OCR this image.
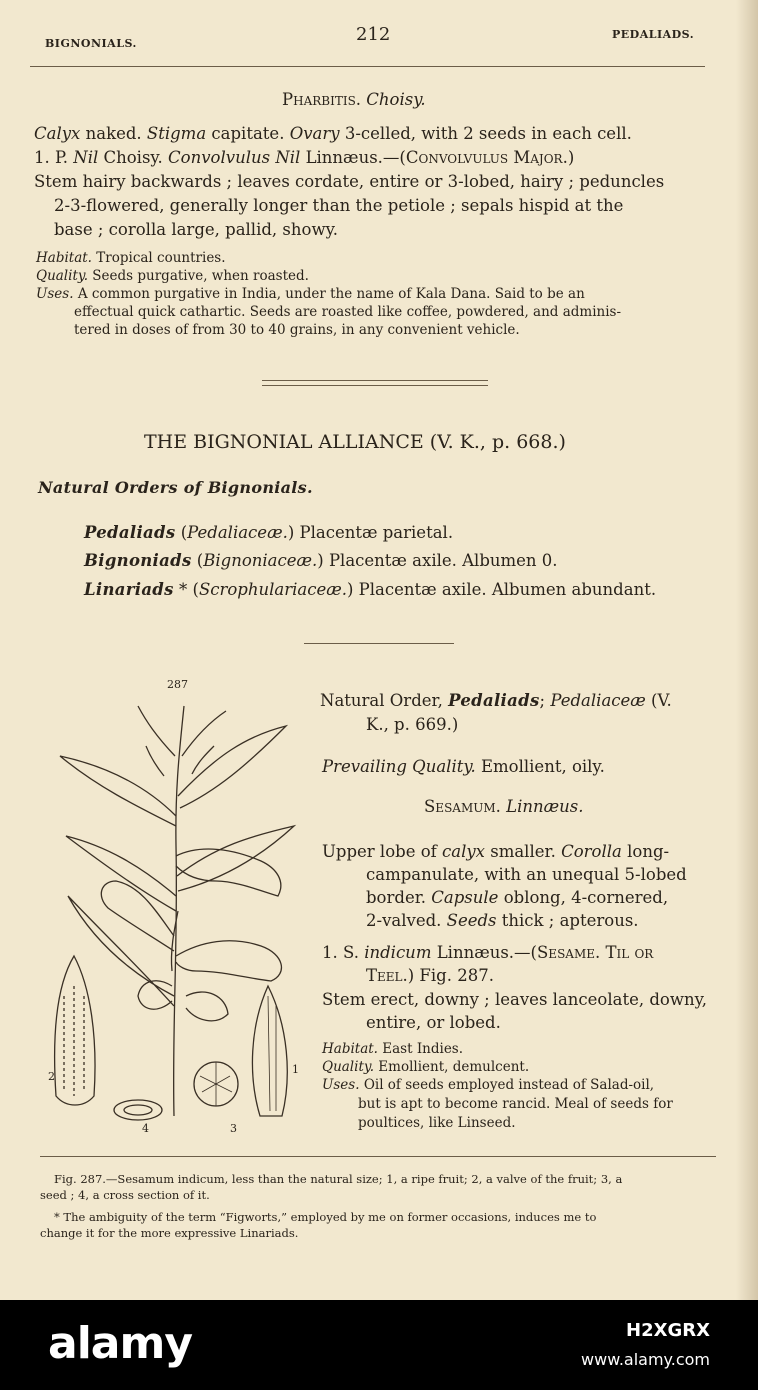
BIGNONIALS.	212	PEDALIADS.
Pharbitis. Choisy.
Calyx naked. Stigma capitate. Ovary 3-celled, with 2 seeds in each cell.
1. P. Nil Choisy. Convolvulus Nil Linnæus.—(Convolvulus Major.)
Stem hairy backwards ; leaves cordate, entire or 3-lobed, hairy ; peduncles
2-3-flowered, generally longer than the petiole ; sepals hispid at the
base ; corolla large, pallid, showy.
Habitat. Tropical countries.
Quality. Seeds purgative, when roasted.
Uses. A common purgative in India, under the name of Kala Dana. Said to be an
effectual quick cathartic. Seeds are roasted like coffee, powdered, and adminis-
tered in doses of from 30 to 40 grains, in any convenient vehicle.
THE BIGNONIAL ALLIANCE (V. K., p. 668.)
Natural Orders of Bignonials.
Pedaliads (Pedaliaceæ.) Placentæ parietal.
Bignoniads (Bignoniaceæ.) Placentæ axile. Albumen 0.
Linariads * (Scrophulariaceæ.) Placentæ axile. Albumen abundant.
287
1
2
3
4
Natural Order, Pedaliads; Pedaliaceæ (V.
K., p. 669.)
Prevailing Quality. Emollient, oily.
Sesamum. Linnæus.
Upper lobe of calyx smaller. Corolla long-
campanulate, with an unequal 5-lobed
border. Capsule oblong, 4-cornered,
2-valved. Seeds thick ; apterous.
1. S. indicum Linnæus.—(Sesame. Til or
Teel.) Fig. 287.
Stem erect, downy ; leaves lanceolate, downy,
entire, or lobed.
Habitat. East Indies.
Quality. Emollient, demulcent.
Uses. Oil of seeds employed instead of Salad-oil,
but is apt to become rancid. Meal of seeds for
poultices, like Linseed.
Fig. 287.—Sesamum indicum, less than the natural size; 1, a ripe fruit; 2, a valve of the fruit; 3, a
seed ; 4, a cross section of it.
* The ambiguity of the term “Figworts,” employed by me on former occasions, induces me to
change it for the more expressive Linariads.
alamy	H2XGRX
www.alamy.com
